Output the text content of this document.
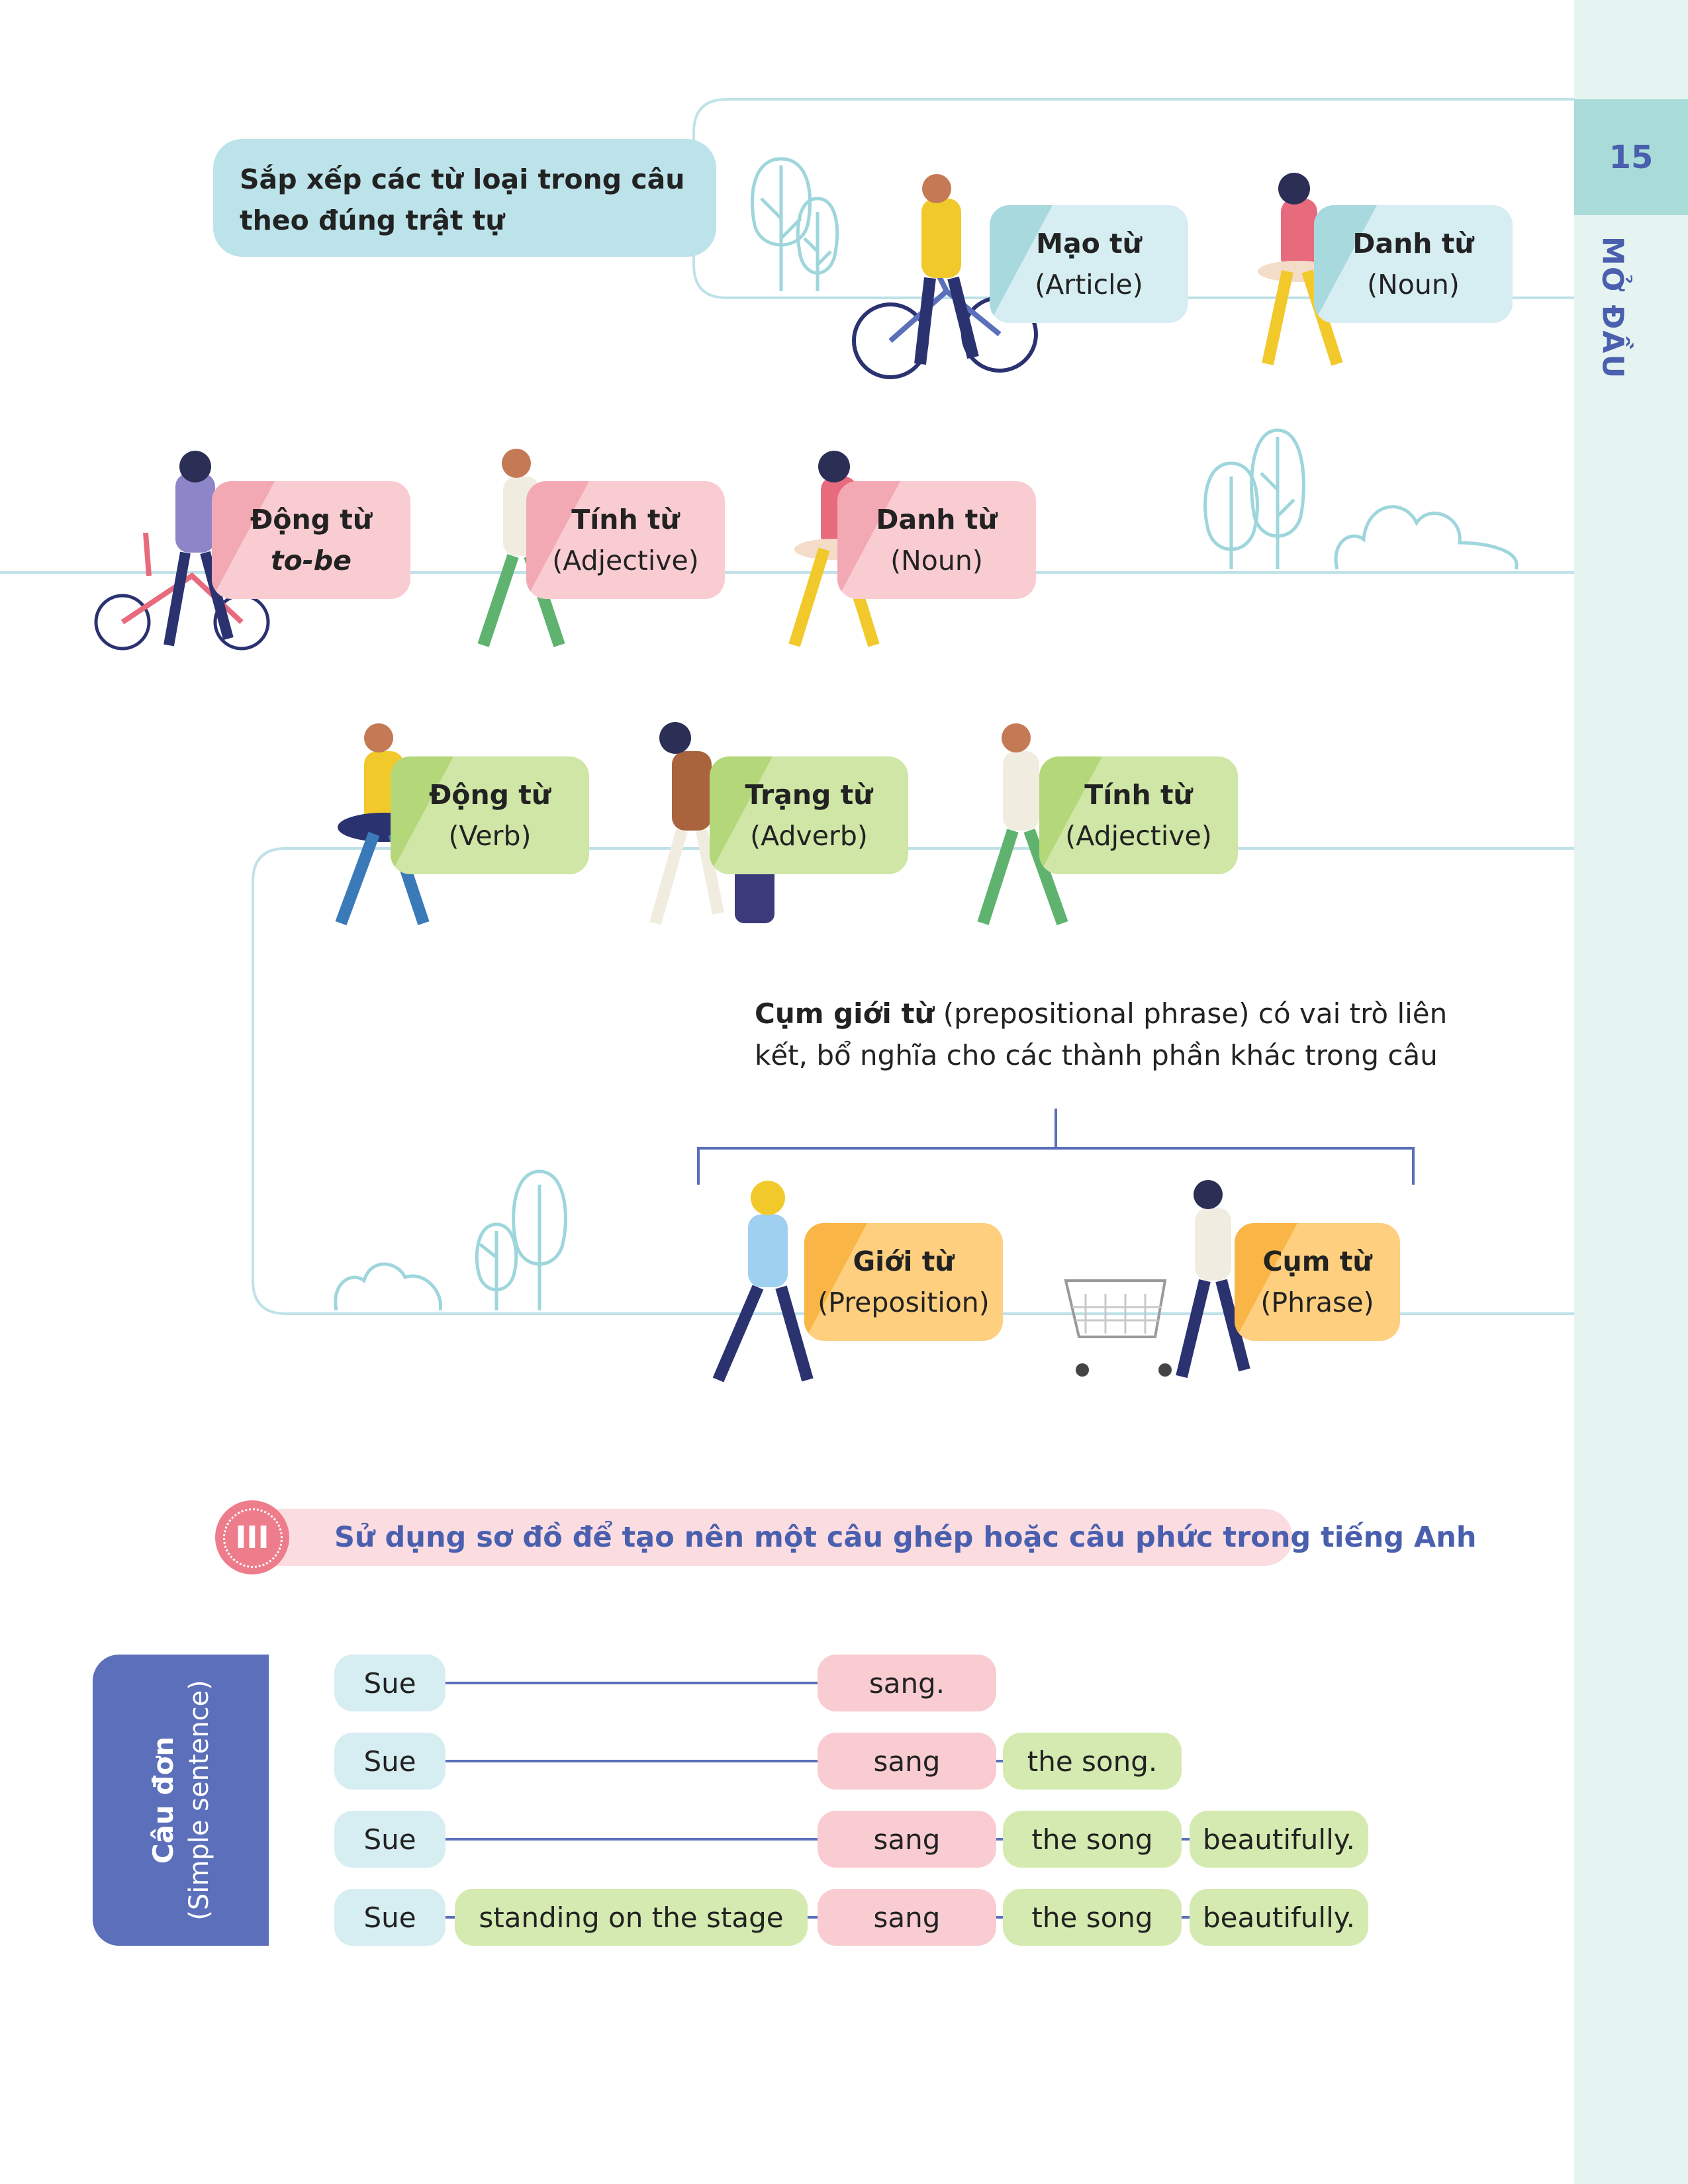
15
MỞ ĐẦU
Sắp xếp các từ loại trong câu
theo đúng trật tự
Mạo từ
(Article)
Danh từ
(Noun)
Động từ
to-be
Tính từ
(Adjective)
Danh từ
(Noun)
Động từ
(Verb)
Trạng từ
(Adverb)
Tính từ
(Adjective)
Giới từ
(Preposition)
Cụm từ
(Phrase)
Cụm giới từ (prepositional phrase) có vai trò liên
kết, bổ nghĩa cho các thành phần khác trong câu
III Sử dụng sơ đồ để tạo nên một câu ghép hoặc câu phức trong tiếng Anh
Câu đơn (Simple sentence)	Sue	sang.
Sue	sang	the song.
Sue	sang	the song	beautifully.
Sue	standing on the stage	sang	the song	beautifully.
